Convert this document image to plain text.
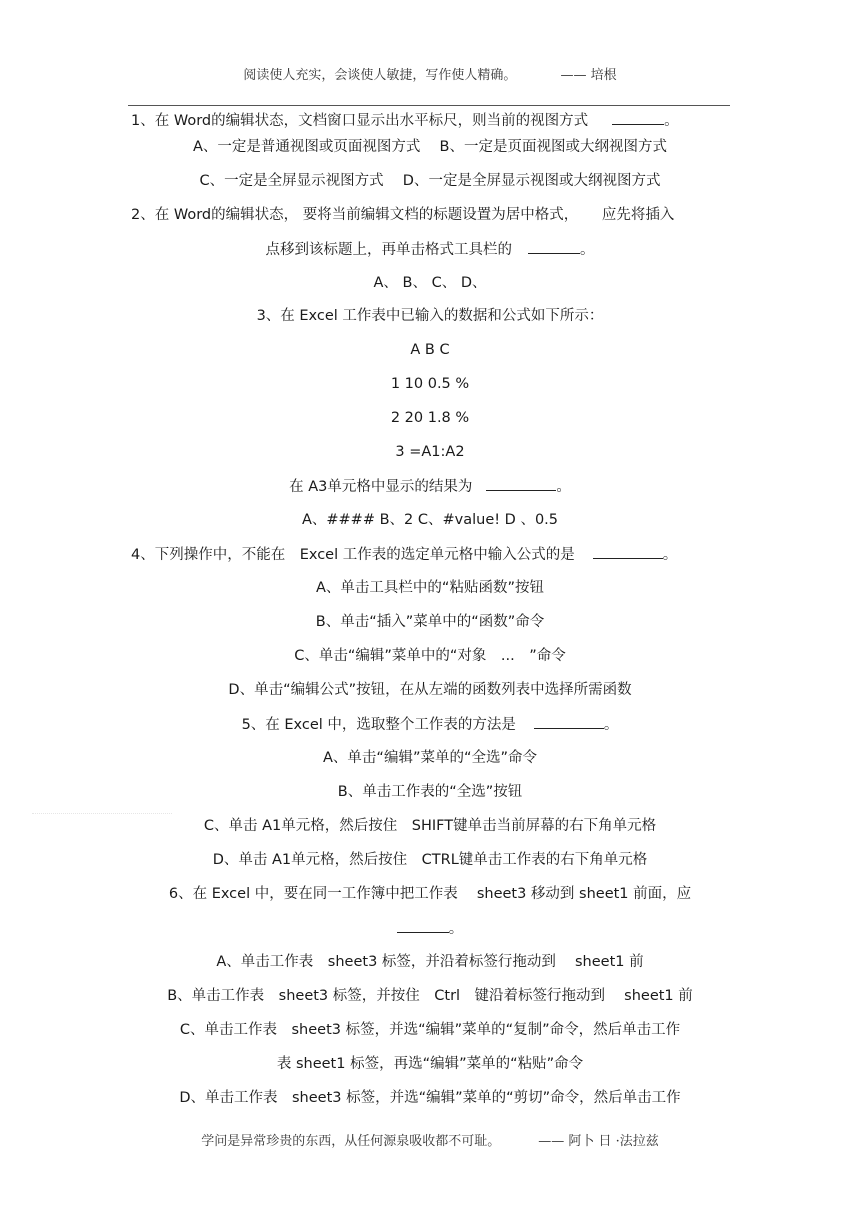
阅读使人充实，会谈使人敏捷，写作使人精确。	—— 培根
1、在 Word的编辑状态，文档窗口显示出水平标尺，则当前的视图方式	。
A、一定是普通视图或页面视图方式　 B、一定是页面视图或大纲视图方式
C、一定是全屏显示视图方式　 D、一定是全屏显示视图或大纲视图方式
2、在 Word的编辑状态， 要将当前编辑文档的标题设置为居中格式， 　 应先将插入
点移到该标题上，再单击格式工具栏的	。
A、 B、 C、 D、
3、在 Excel 工作表中已输入的数据和公式如下所示：
A B C
1 10 0.5 %
2 20 1.8 %
3 =A1:A2
在 A3单元格中显示的结果为	。
A、#### B、2 C、#value! D 、0.5
4、下列操作中，不能在　Excel 工作表的选定单元格中输入公式的是	。
A、单击工具栏中的“粘贴函数”按钮
B、单击“插入”菜单中的“函数”命令
C、单击“编辑”菜单中的“对象　...　”命令
D、单击“编辑公式”按钮，在从左端的函数列表中选择所需函数
5、在 Excel 中，选取整个工作表的方法是	。
A、单击“编辑”菜单的“全选”命令
B、单击工作表的“全选”按钮
C、单击 A1单元格，然后按住　SHIFT键单击当前屏幕的右下角单元格
D、单击 A1单元格，然后按住　CTRL键单击工作表的右下角单元格
6、在 Excel 中，要在同一工作簿中把工作表　 sheet3 移动到 sheet1 前面，应
。
A、单击工作表　sheet3 标签，并沿着标签行拖动到　 sheet1 前
B、单击工作表　sheet3 标签，并按住　Ctrl　键沿着标签行拖动到　 sheet1 前
C、单击工作表　sheet3 标签，并选“编辑”菜单的“复制”命令，然后单击工作
表 sheet1 标签，再选“编辑”菜单的“粘贴”命令
D、单击工作表　sheet3 标签，并选“编辑”菜单的“剪切”命令，然后单击工作
学问是异常珍贵的东西，从任何源泉吸收都不可耻。	—— 阿卜 日 ·法拉兹
